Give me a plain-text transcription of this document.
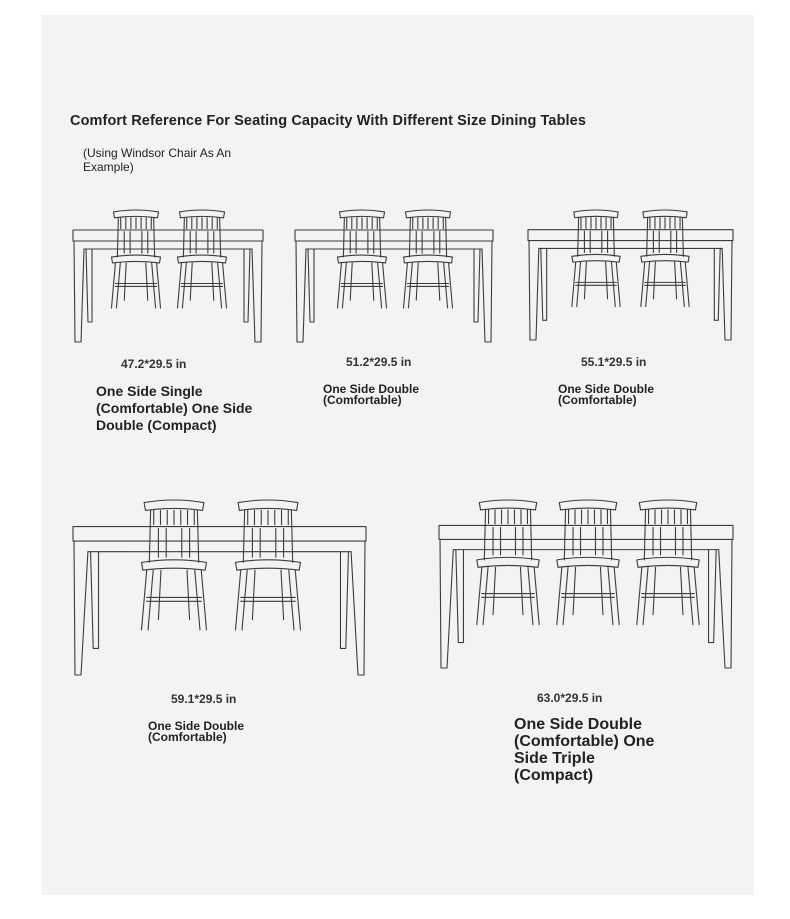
Comfort Reference For Seating Capacity With Different Size Dining Tables

(Using Windsor Chair As An Example)

47.2*29.5 in

One Side Single (Comfortable) One Side Double (Compact)

51.2*29.5 in

One Side Double (Comfortable)

55.1*29.5 in

One Side Double (Comfortable)

59.1*29.5 in

One Side Double (Comfortable)

63.0*29.5 in

One Side Double (Comfortable) One Side Triple (Compact)
